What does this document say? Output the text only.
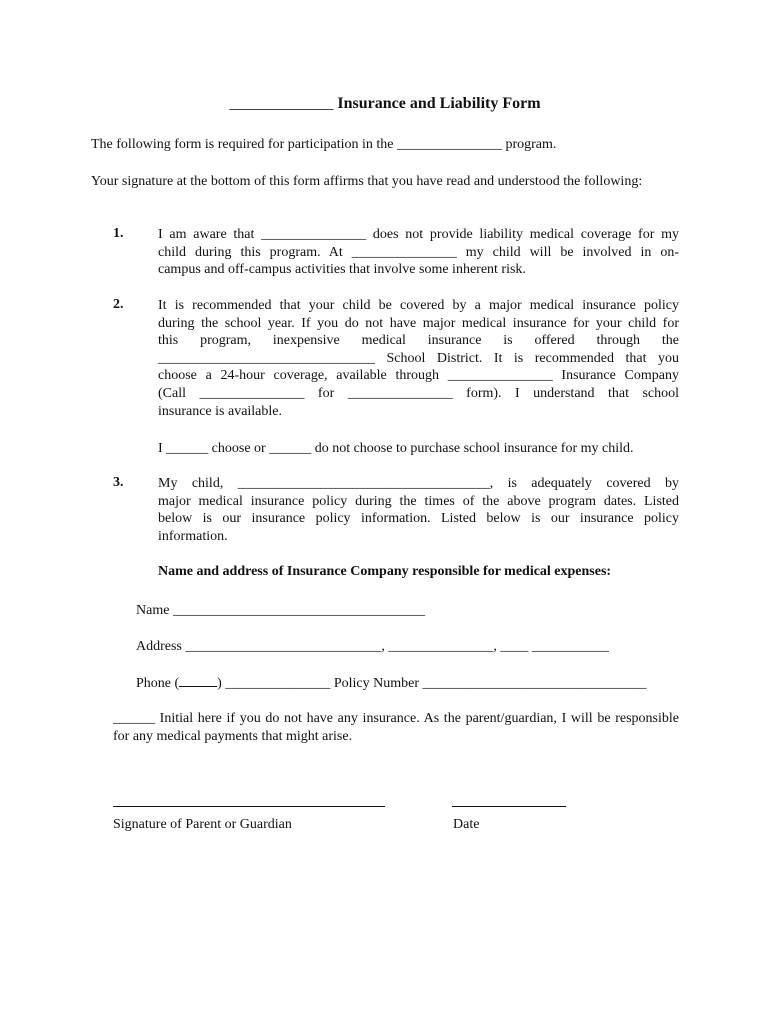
_____________ Insurance and Liability Form
The following form is required for participation in the _______________ program.
Your signature at the bottom of this form affirms that you have read and understood the following:
1. I am aware that _______________ does not provide liability medical coverage for my
child during this program. At _______________ my child will be involved in on-
campus and off-campus activities that involve some inherent risk.
2. It is recommended that your child be covered by a major medical insurance policy
during the school year. If you do not have major medical insurance for your child for
this program, inexpensive medical insurance is offered through the
_______________________________ School District. It is recommended that you
choose a 24-hour coverage, available through _______________ Insurance Company
(Call _______________ for _______________ form). I understand that school
insurance is available.
I ______ choose or ______ do not choose to purchase school insurance for my child.
3. My child, ____________________________________, is adequately covered by
major medical insurance policy during the times of the above program dates. Listed
below is our insurance policy information. Listed below is our insurance policy
information.
Name and address of Insurance Company responsible for medical expenses:
Name ____________________________________
Address ____________________________, _______________, ____ ___________
Phone (	) _______________ Policy Number ________________________________
______ Initial here if you do not have any insurance. As the parent/guardian, I will be responsible for any medical payments that might arise.
Signature of Parent or Guardian	Date
